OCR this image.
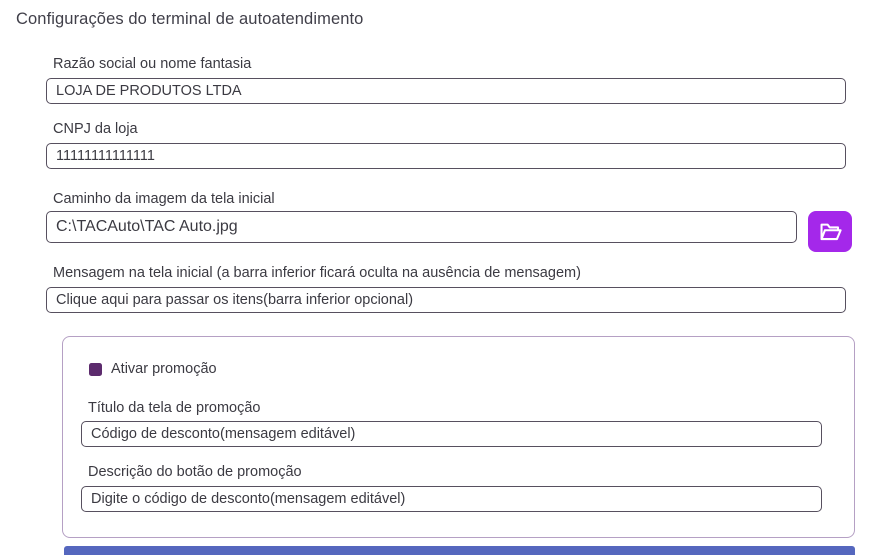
Configurações do terminal de autoatendimento
Razão social ou nome fantasia
LOJA DE PRODUTOS LTDA
CNPJ da loja
11111111111111
Caminho da imagem da tela inicial
C:\TACAuto\TAC Auto.jpg
Mensagem na tela inicial (a barra inferior ficará oculta na ausência de mensagem)
Clique aqui para passar os itens(barra inferior opcional)
Ativar promoção
Título da tela de promoção
Código de desconto(mensagem editável)
Descrição do botão de promoção
Digite o código de desconto(mensagem editável)
